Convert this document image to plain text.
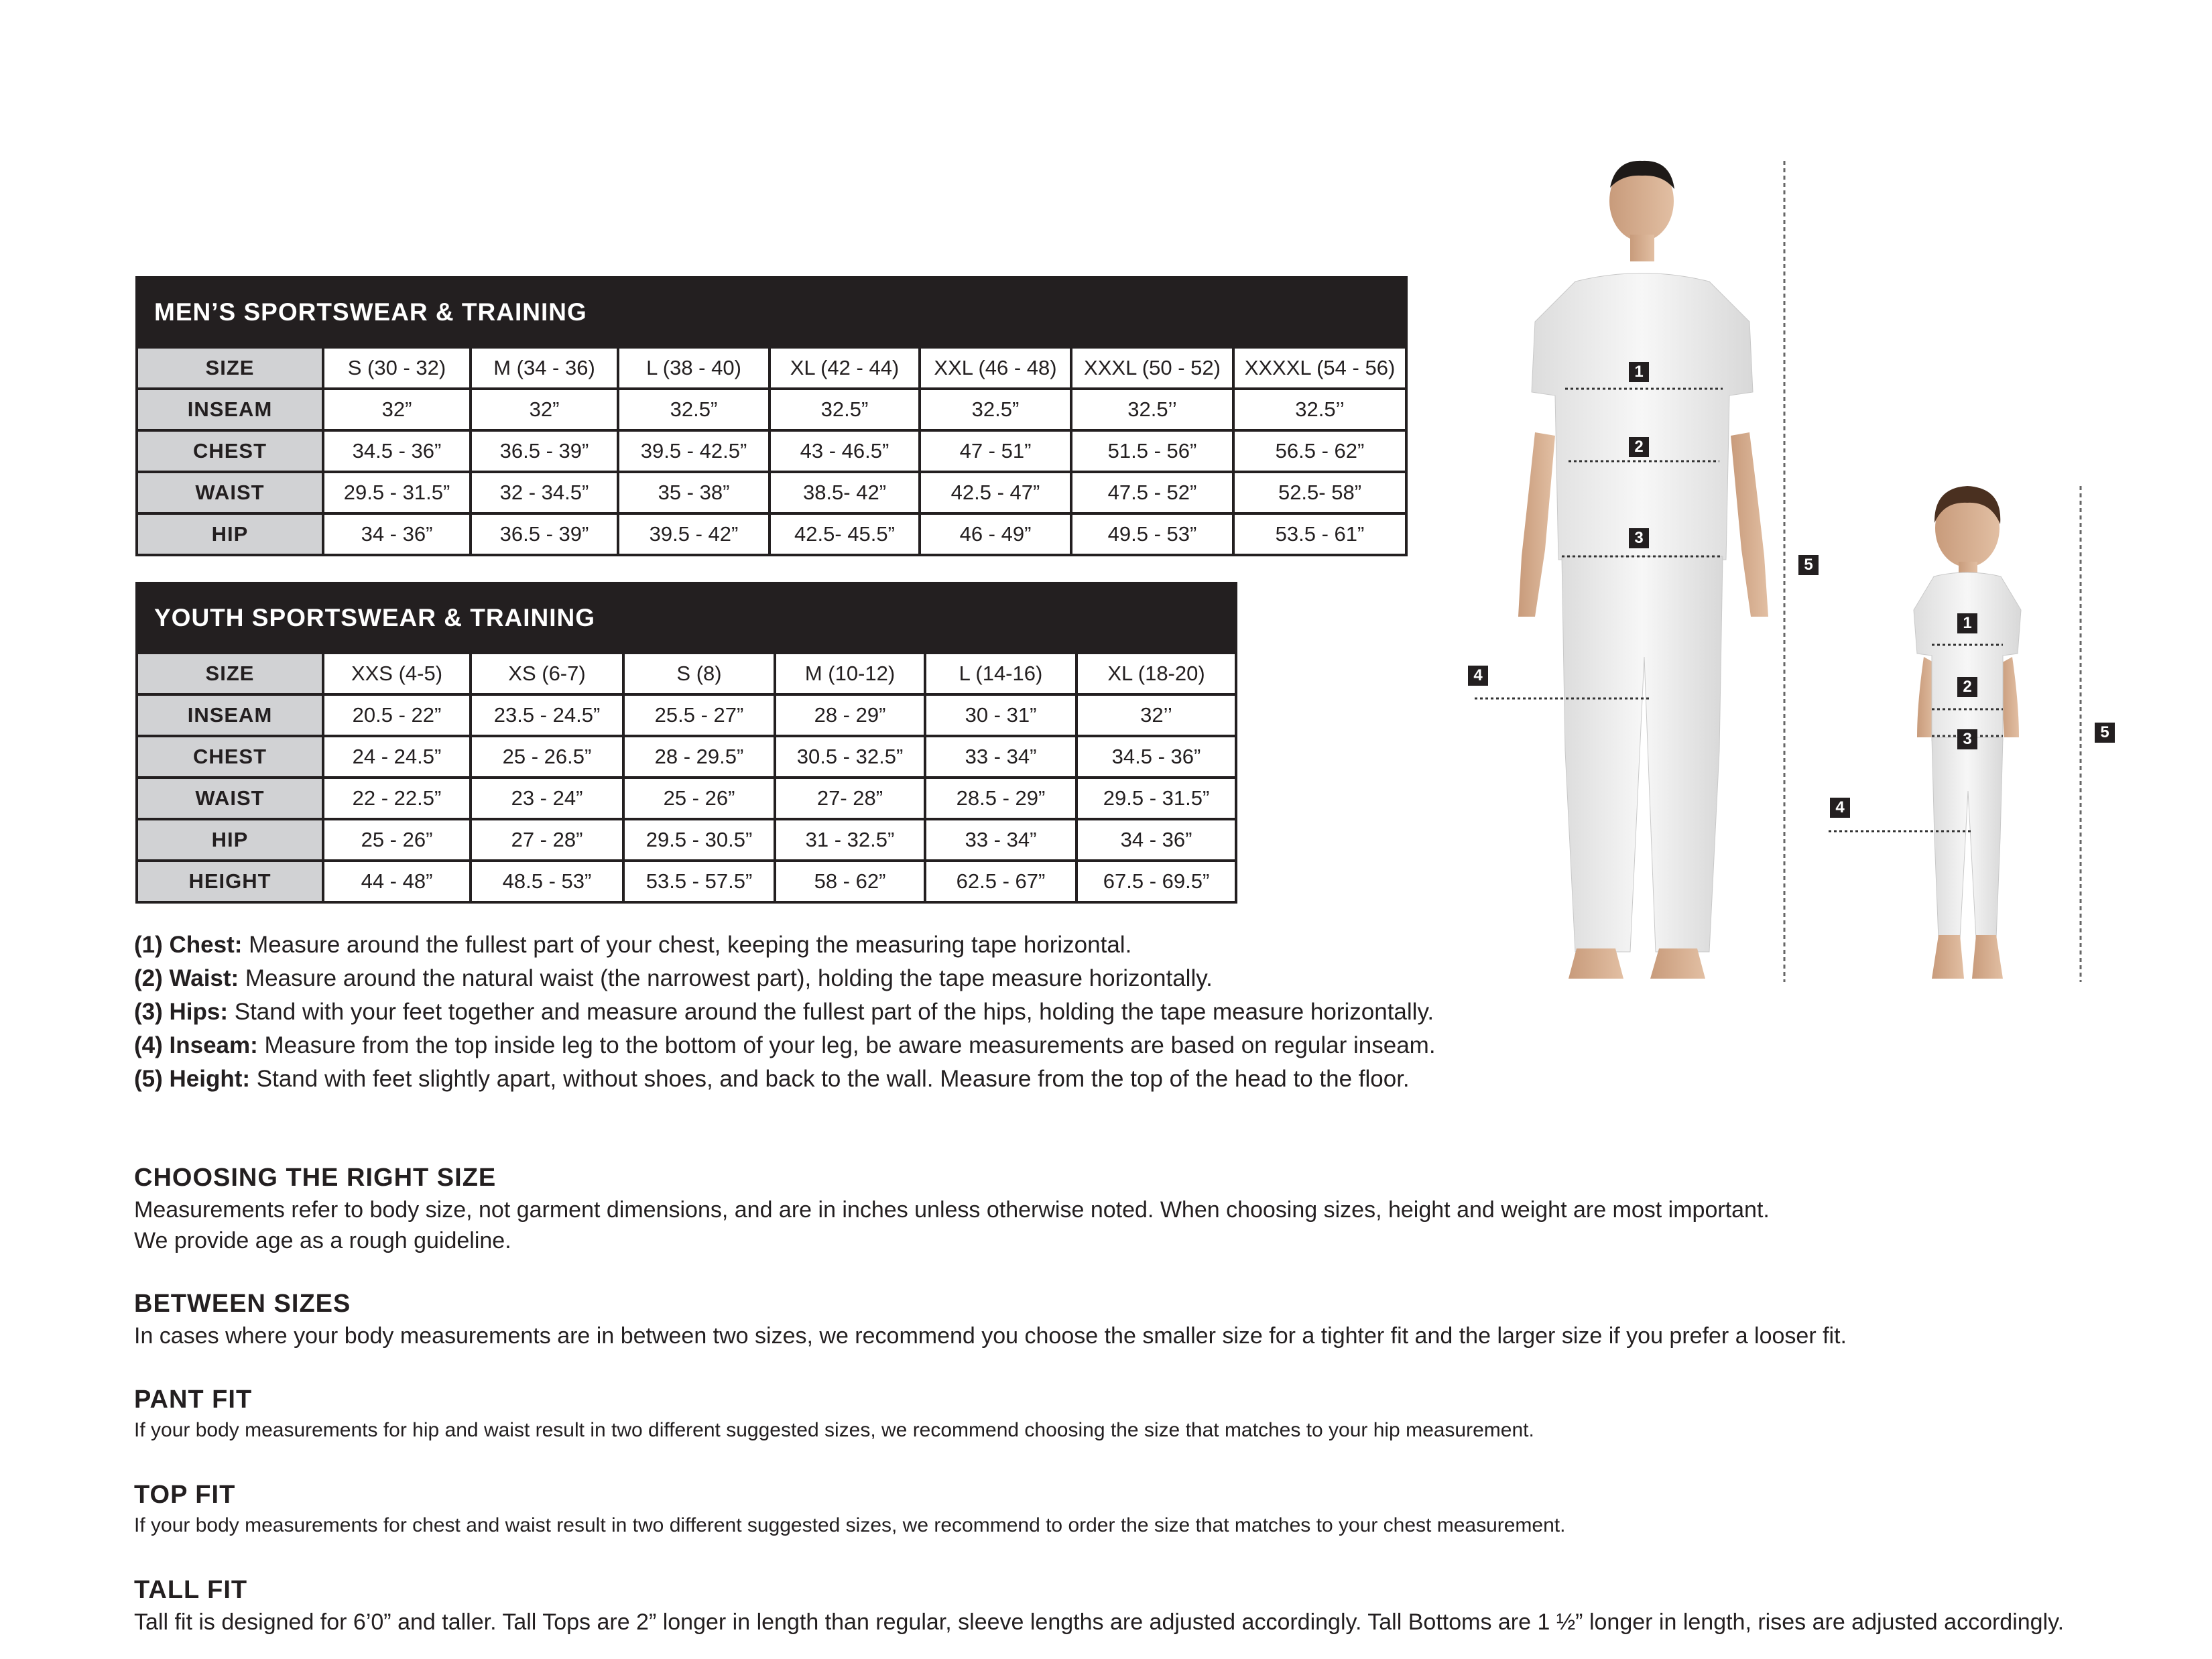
MEN’S SPORTSWEAR & TRAINING							
SIZE	S (30 - 32)	M (34 - 36)	L (38 - 40)	XL (42 - 44)	XXL (46 - 48)	XXXL (50 - 52)	XXXXL (54 - 56)
INSEAM	32”	32”	32.5”	32.5”	32.5”	32.5’’	32.5’’
CHEST	34.5 - 36”	36.5 - 39”	39.5 - 42.5”	43 - 46.5”	47 - 51”	51.5 - 56”	56.5 - 62”
WAIST	29.5 - 31.5”	32 - 34.5”	35 - 38”	38.5- 42”	42.5 - 47”	47.5 - 52”	52.5- 58”
HIP	34 - 36”	36.5 - 39”	39.5 - 42”	42.5- 45.5”	46 - 49”	49.5 - 53”	53.5 - 61”
YOUTH SPORTSWEAR & TRAINING						
SIZE	XXS (4-5)	XS (6-7)	S (8)	M (10-12)	L (14-16)	XL (18-20)
INSEAM	20.5 - 22”	23.5 - 24.5”	25.5 - 27”	28 - 29”	30 - 31”	32’’
CHEST	24 - 24.5”	25 - 26.5”	28 - 29.5”	30.5 - 32.5”	33 - 34”	34.5 - 36”
WAIST	22 - 22.5”	23 - 24”	25 - 26”	27- 28”	28.5 - 29”	29.5 - 31.5”
HIP	25 - 26”	27 - 28”	29.5 - 30.5”	31 - 32.5”	33 - 34”	34 - 36”
HEIGHT	44 - 48”	48.5 - 53”	53.5 - 57.5”	58 - 62”	62.5 - 67”	67.5 - 69.5”
(1) Chest: Measure around the fullest part of your chest, keeping the measuring tape horizontal.
(2) Waist: Measure around the natural waist (the narrowest part), holding the tape measure horizontally.
(3) Hips: Stand with your feet together and measure around the fullest part of the hips, holding the tape measure horizontally.
(4) Inseam: Measure from the top inside leg to the bottom of your leg, be aware measurements are based on regular inseam.
(5) Height: Stand with feet slightly apart, without shoes, and back to the wall. Measure from the top of the head to the floor.
CHOOSING THE RIGHT SIZE

Measurements refer to body size, not garment dimensions, and are in inches unless otherwise noted. When choosing sizes, height and weight are most important.

We provide age as a rough guideline.

BETWEEN SIZES

In cases where your body measurements are in between two sizes, we recommend you choose the smaller size for a tighter fit and the larger size if you prefer a looser fit.

PANT FIT

If your body measurements for hip and waist result in two different suggested sizes, we recommend choosing the size that matches to your hip measurement.

TOP FIT

If your body measurements for chest and waist result in two different suggested sizes, we recommend to order the size that matches to your chest measurement.

TALL FIT

Tall fit is designed for 6’0” and taller. Tall Tops are 2” longer in length than regular, sleeve lengths are adjusted accordingly. Tall Bottoms are 1 ½” longer in length, rises are adjusted accordingly.

1
2
3
4
5
1
2
3
4
5
